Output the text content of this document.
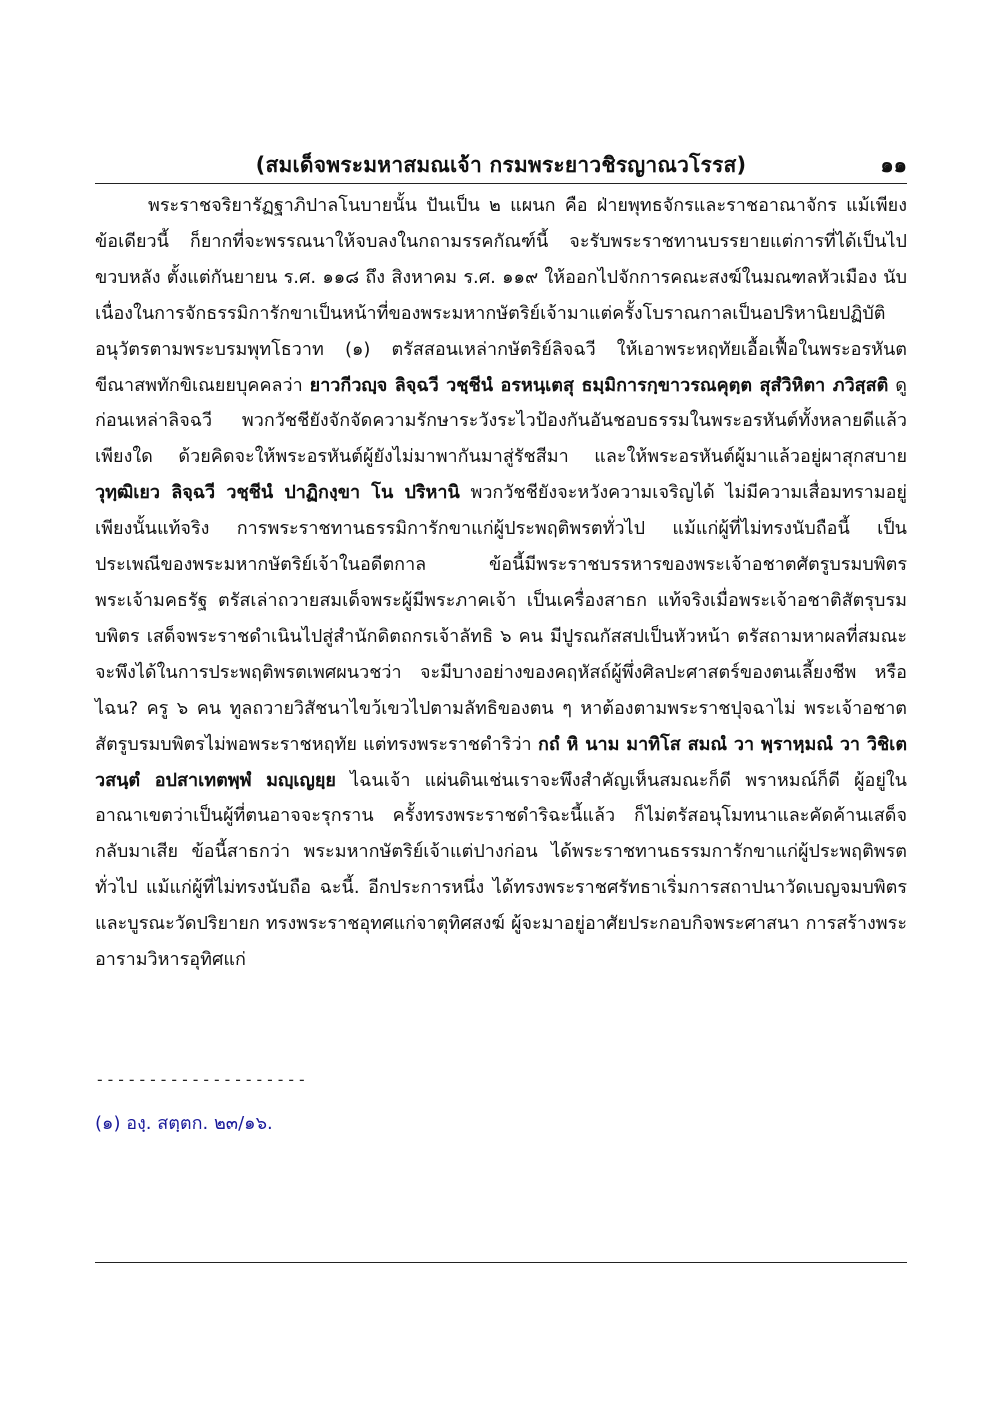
(สมเด็จพระมหาสมณเจ้า กรมพระยาวชิรญาณวโรรส)	๑๑
พระราชจริยารัฏฐาภิปาลโนบายนั้น ปันเป็น ๒ แผนก คือ ฝ่ายพุทธจักรและราชอาณาจักร แม้เพียงข้อเดียวนี้ ก็ยากที่จะพรรณนาให้จบลงในกถามรรคกัณฑ์นี้ จะรับพระราชทานบรรยายแต่การที่ได้เป็นไปขวบหลัง ตั้งแต่กันยายน ร.ศ. ๑๑๘ ถึง สิงหาคม ร.ศ. ๑๑๙ ให้ออกไปจักการคณะสงฆ์ในมณฑลหัวเมือง นับเนื่องในการจักธรรมิการักขาเป็นหน้าที่ของพระมหากษัตริย์เจ้ามาแต่ครั้งโบราณกาลเป็นอปริหานิยปฏิบัติ อนุวัตรตามพระบรมพุทโธวาท (๑) ตรัสสอนเหล่ากษัตริย์ลิจฉวี ให้เอาพระหฤทัยเอื้อเฟื้อในพระอรหันตขีณาสพทักขิเณยยบุคคลว่า ยาวกีวญฺจ ลิจฺฉวี วชฺชีนํ อรหนฺเตสุ ธมฺมิการกฺขาวรณคุตฺต สุสํวิหิตา ภวิสฺสติ ดูก่อนเหล่าลิจฉวี พวกวัชชียังจักจัดความรักษาระวังระไวป้องกันอันชอบธรรมในพระอรหันต์ทั้งหลายดีแล้วเพียงใด ด้วยคิดจะให้พระอรหันต์ผู้ยังไม่มาพากันมาสู่รัชสีมา และให้พระอรหันต์ผู้มาแล้วอยู่ผาสุกสบาย วุทฺฒิเยว ลิจฺฉวี วชฺชีนํ ปาฏิกงฺขา โน ปริหานิ พวกวัชชียังจะหวังความเจริญได้ ไม่มีความเสื่อมทรามอยู่เพียงนั้นแท้จริง การพระราชทานธรรมิการักขาแก่ผู้ประพฤติพรตทั่วไป แม้แก่ผู้ที่ไม่ทรงนับถือนี้ เป็นประเพณีของพระมหากษัตริย์เจ้าในอดีตกาล ข้อนี้มีพระราชบรรหารของพระเจ้าอชาตศัตรูบรมบพิตร พระเจ้ามคธรัฐ ตรัสเล่าถวายสมเด็จพระผู้มีพระภาคเจ้า เป็นเครื่องสาธก แท้จริงเมื่อพระเจ้าอชาติสัตรุบรมบพิตร เสด็จพระราชดำเนินไปสู่สำนักดิตถกรเจ้าลัทธิ ๖ คน มีปูรณกัสสปเป็นหัวหน้า ตรัสถามหาผลที่สมณะจะพึงได้ในการประพฤติพรตเพศผนวชว่า จะมีบางอย่างของคฤหัสถ์ผู้พึ่งศิลปะศาสตร์ของตนเลี้ยงชีพ หรือไฉน? ครู ๖ คน ทูลถวายวิสัชนาไขว้เขวไปตามลัทธิของตน ๆ หาต้องตามพระราชปุจฉาไม่ พระเจ้าอชาตสัตรูบรมบพิตรไม่พอพระราชหฤทัย แต่ทรงพระราชดำริว่า กถํ หิ นาม มาทิโส สมณํ วา พฺราหฺมณํ วา วิชิเต วสนฺตํ อปสาเทตพฺพํ มญฺเญยฺย ไฉนเจ้า แผ่นดินเช่นเราจะพึงสำคัญเห็นสมณะก็ดี พราหมณ์ก็ดี ผู้อยู่ในอาณาเขตว่าเป็นผู้ที่ตนอาจจะรุกราน ครั้งทรงพระราชดำริฉะนี้แล้ว ก็ไม่ตรัสอนุโมทนาและคัดค้านเสด็จกลับมาเสีย ข้อนี้สาธกว่า พระมหากษัตริย์เจ้าแต่ปางก่อน ได้พระราชทานธรรมการักขาแก่ผู้ประพฤติพรตทั่วไป แม้แก่ผู้ที่ไม่ทรงนับถือ ฉะนี้. อีกประการหนึ่ง ได้ทรงพระราชศรัทธาเริ่มการสถาปนาวัดเบญจมบพิตร และบูรณะวัดปริยายก ทรงพระราชอุทศแก่จาตุทิศสงฆ์ ผู้จะมาอยู่อาศัยประกอบกิจพระศาสนา การสร้างพระอารามวิหารอุทิศแก่
--------------------
(๑) องฺ. สตฺตก. ๒๓/๑๖.
